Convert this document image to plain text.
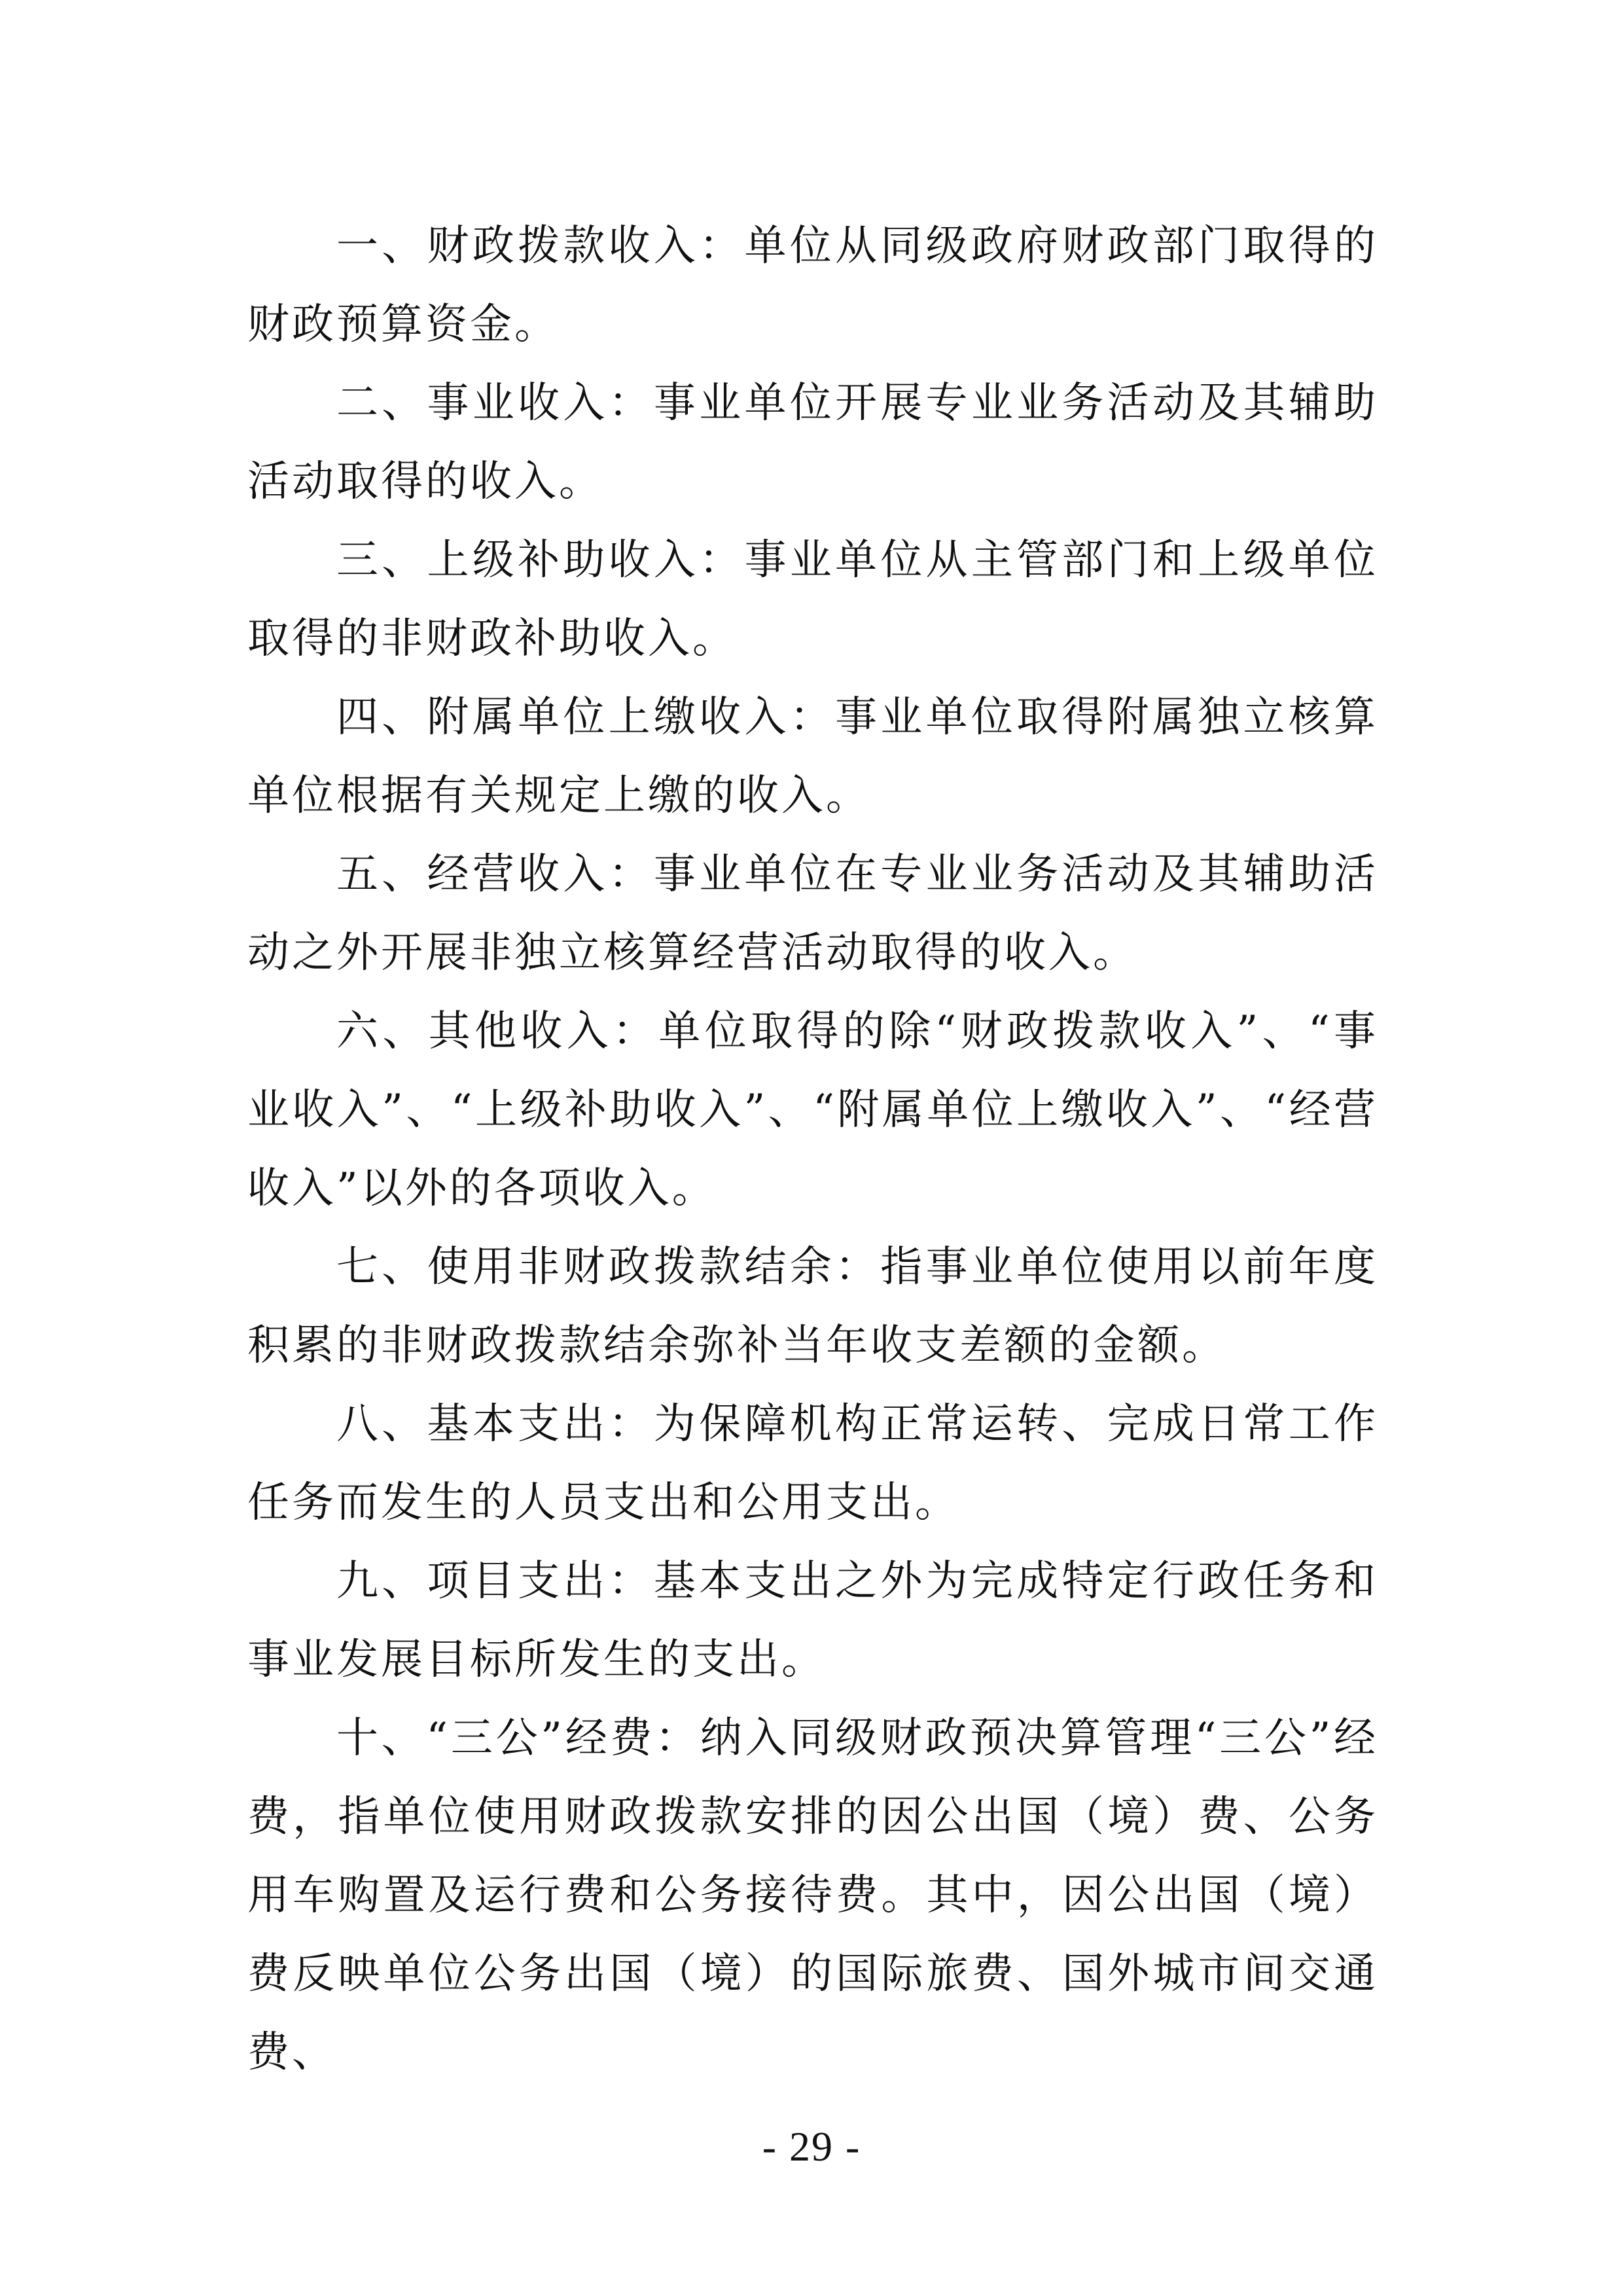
一、财政拨款收入：单位从同级政府财政部门取得的财政预算资金。

二、事业收入：事业单位开展专业业务活动及其辅助活动取得的收入。

三、上级补助收入：事业单位从主管部门和上级单位取得的非财政补助收入。

四、附属单位上缴收入：事业单位取得附属独立核算单位根据有关规定上缴的收入。

五、经营收入：事业单位在专业业务活动及其辅助活动之外开展非独立核算经营活动取得的收入。

六、其他收入：单位取得的除“财政拨款收入”、“事业收入”、“上级补助收入”、“附属单位上缴收入”、“经营收入”以外的各项收入。

七、使用非财政拨款结余：指事业单位使用以前年度积累的非财政拨款结余弥补当年收支差额的金额。

八、基本支出：为保障机构正常运转、完成日常工作任务而发生的人员支出和公用支出。

九、项目支出：基本支出之外为完成特定行政任务和事业发展目标所发生的支出。

十、“三公”经费：纳入同级财政预决算管理“三公”经费，指单位使用财政拨款安排的因公出国（境）费、公务用车购置及运行费和公务接待费。其中，因公出国（境）费反映单位公务出国（境）的国际旅费、国外城市间交通费、

- 29 -
